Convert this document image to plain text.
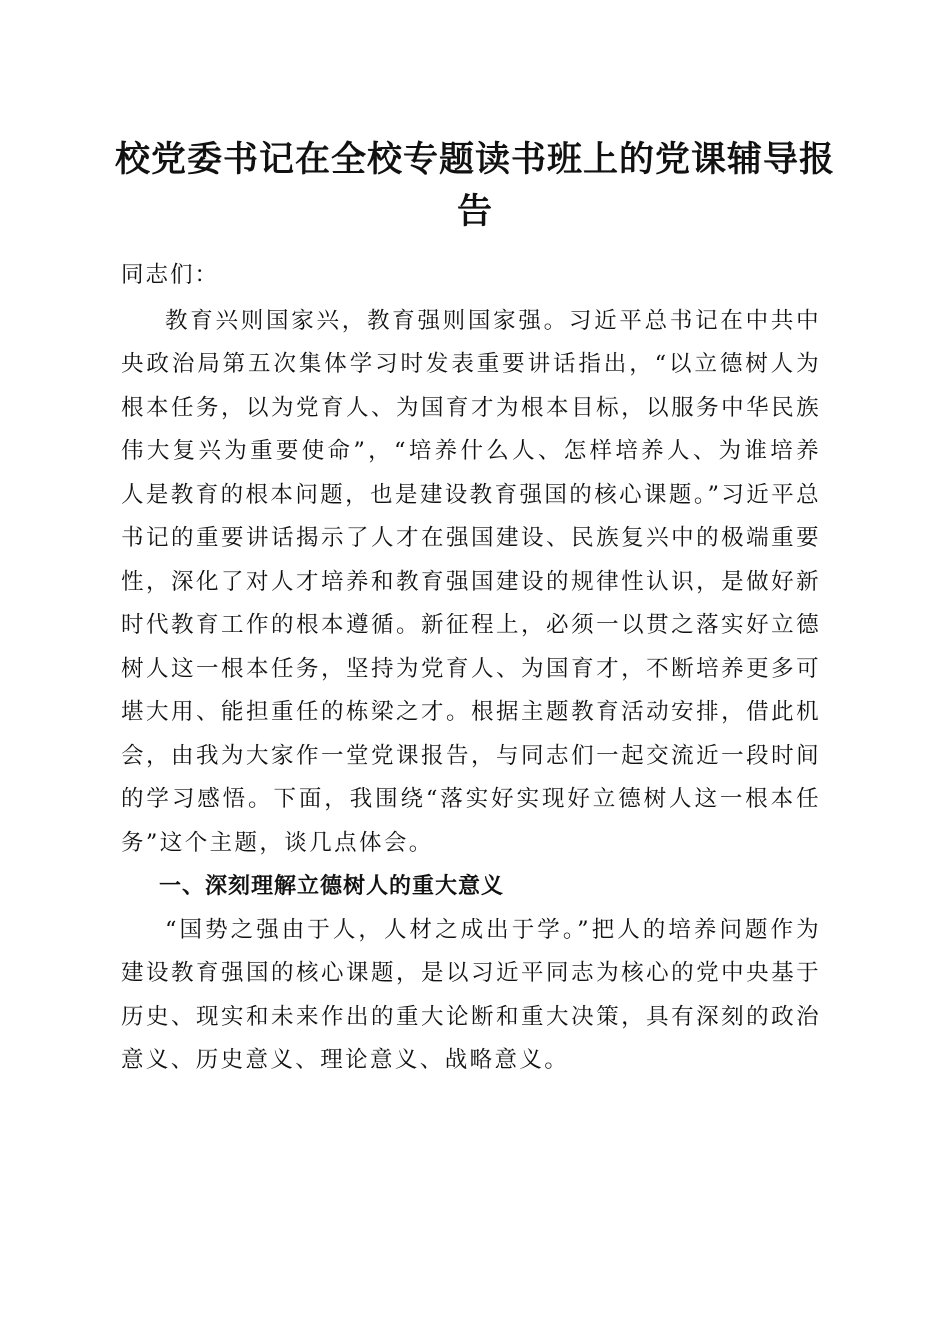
校党委书记在全校专题读书班上的党课辅导报告

同志们：

教育兴则国家兴，教育强则国家强。习近平总书记在中共中央政治局第五次集体学习时发表重要讲话指出，“以立德树人为根本任务，以为党育人、为国育才为根本目标，以服务中华民族伟大复兴为重要使命”，“培养什么人、怎样培养人、为谁培养人是教育的根本问题，也是建设教育强国的核心课题。”习近平总书记的重要讲话揭示了人才在强国建设、民族复兴中的极端重要性，深化了对人才培养和教育强国建设的规律性认识，是做好新时代教育工作的根本遵循。新征程上，必须一以贯之落实好立德树人这一根本任务，坚持为党育人、为国育才，不断培养更多可堪大用、能担重任的栋梁之才。根据主题教育活动安排，借此机会，由我为大家作一堂党课报告，与同志们一起交流近一段时间的学习感悟。下面，我围绕“落实好实现好立德树人这一根本任务”这个主题，谈几点体会。

一、深刻理解立德树人的重大意义

“国势之强由于人，人材之成出于学。”把人的培养问题作为建设教育强国的核心课题，是以习近平同志为核心的党中央基于历史、现实和未来作出的重大论断和重大决策，具有深刻的政治意义、历史意义、理论意义、战略意义。
